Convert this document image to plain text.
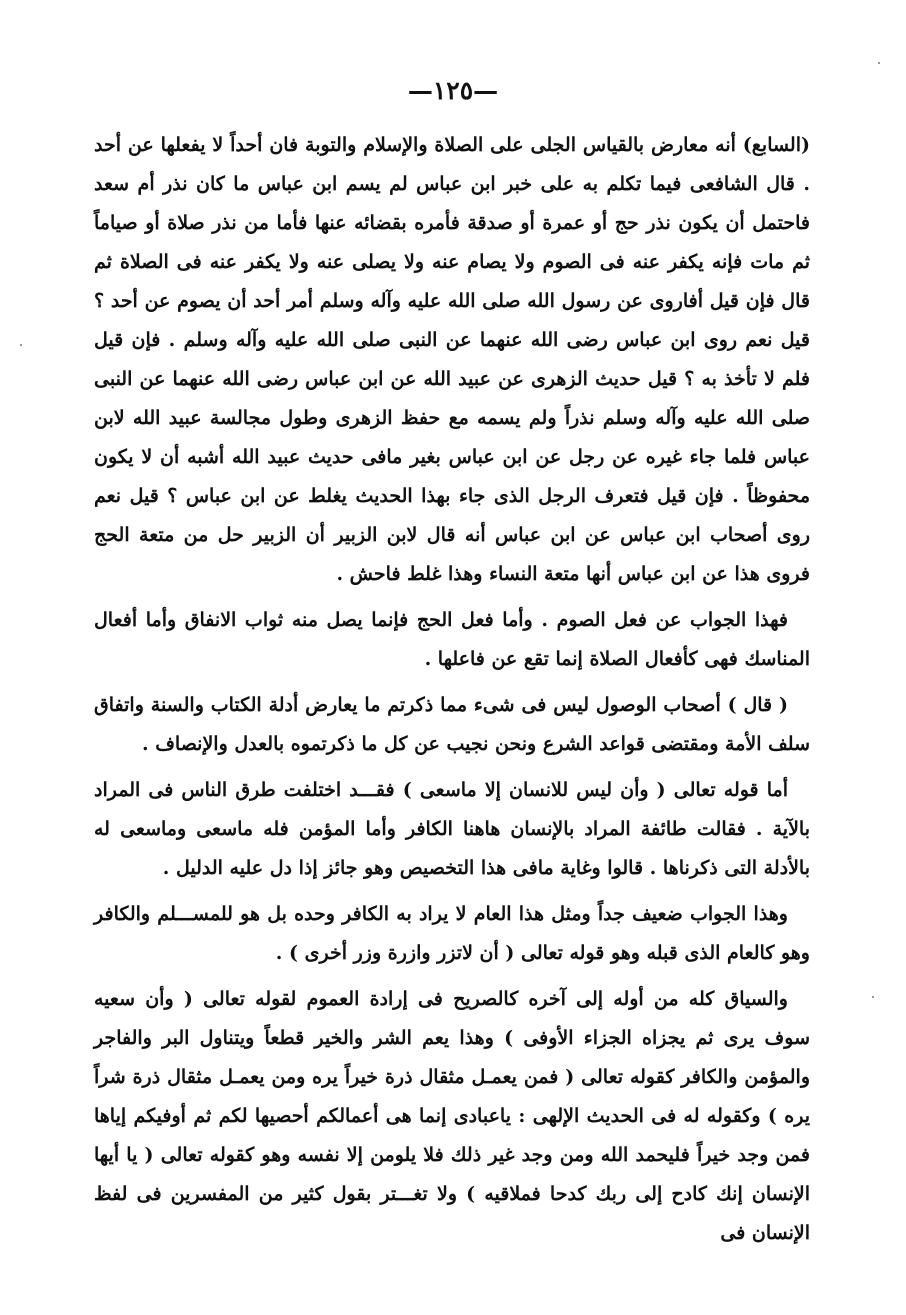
—١٢٥—

(السابع) أنه معارض بالقياس الجلى على الصلاة والإسلام والتوبة فان أحداً لا يفعلها عن أحد . قال الشافعى فيما تكلم به على خبر ابن عباس لم يسم ابن عباس ما كان نذر أم سعد فاحتمل أن يكون نذر حج أو عمرة أو صدقة فأمره بقضائه عنها فأما من نذر صلاة أو صياماً ثم مات فإنه يكفر عنه فى الصوم ولا يصام عنه ولا يصلى عنه ولا يكفر عنه فى الصلاة ثم قال فإن قيل أفاروى عن رسول الله صلى الله عليه وآله وسلم أمر أحد أن يصوم عن أحد ؟ قيل نعم روى ابن عباس رضى الله عنهما عن النبى صلى الله عليه وآله وسلم . فإن قيل فلم لا تأخذ به ؟ قيل حديث الزهرى عن عبيد الله عن ابن عباس رضى الله عنهما عن النبى صلى الله عليه وآله وسلم نذراً ولم يسمه مع حفظ الزهرى وطول مجالسة عبيد الله لابن عباس فلما جاء غيره عن رجل عن ابن عباس بغير مافى حديث عبيد الله أشبه أن لا يكون محفوظاً . فإن قيل فتعرف الرجل الذى جاء بهذا الحديث يغلط عن ابن عباس ؟ قيل نعم روى أصحاب ابن عباس عن ابن عباس أنه قال لابن الزبير أن الزبير حل من متعة الحج فروى هذا عن ابن عباس أنها متعة النساء وهذا غلط فاحش .

فهذا الجواب عن فعل الصوم . وأما فعل الحج فإنما يصل منه ثواب الانفاق وأما أفعال المناسك فهى كأفعال الصلاة إنما تقع عن فاعلها .

( قال ) أصحاب الوصول ليس فى شىء مما ذكرتم ما يعارض أدلة الكتاب والسنة واتفاق سلف الأمة ومقتضى قواعد الشرع ونحن نجيب عن كل ما ذكرتموه بالعدل والإنصاف .

أما قوله تعالى ( وأن ليس للانسان إلا ماسعى ) فقـــد اختلفت طرق الناس فى المراد بالآية . فقالت طائفة المراد بالإنسان هاهنا الكافر وأما المؤمن فله ماسعى وماسعى له بالأدلة التى ذكرناها . قالوا وغاية مافى هذا التخصيص وهو جائز إذا دل عليه الدليل .

وهذا الجواب ضعيف جداً ومثل هذا العام لا يراد به الكافر وحده بل هو للمســـلم والكافر وهو كالعام الذى قبله وهو قوله تعالى ( أن لاتزر وازرة وزر أخرى ) .

والسياق كله من أوله إلى آخره كالصريح فى إرادة العموم لقوله تعالى ( وأن سعيه سوف يرى ثم يجزاه الجزاء الأوفى ) وهذا يعم الشر والخير قطعاً ويتناول البر والفاجر والمؤمن والكافر كقوله تعالى ( فمن يعمـل مثقال ذرة خيراً يره ومن يعمـل مثقال ذرة شراً يره ) وكقوله له فى الحديث الإلهى : ياعبادى إنما هى أعمالكم أحصيها لكم ثم أوفيكم إياها فمن وجد خيراً فليحمد الله ومن وجد غير ذلك فلا يلومن إلا نفسه وهو كقوله تعالى ( يا أيها الإنسان إنك كادح إلى ربك كدحا فملاقيه ) ولا تغـــتر بقول كثير من المفسرين فى لفظ الإنسان فى
